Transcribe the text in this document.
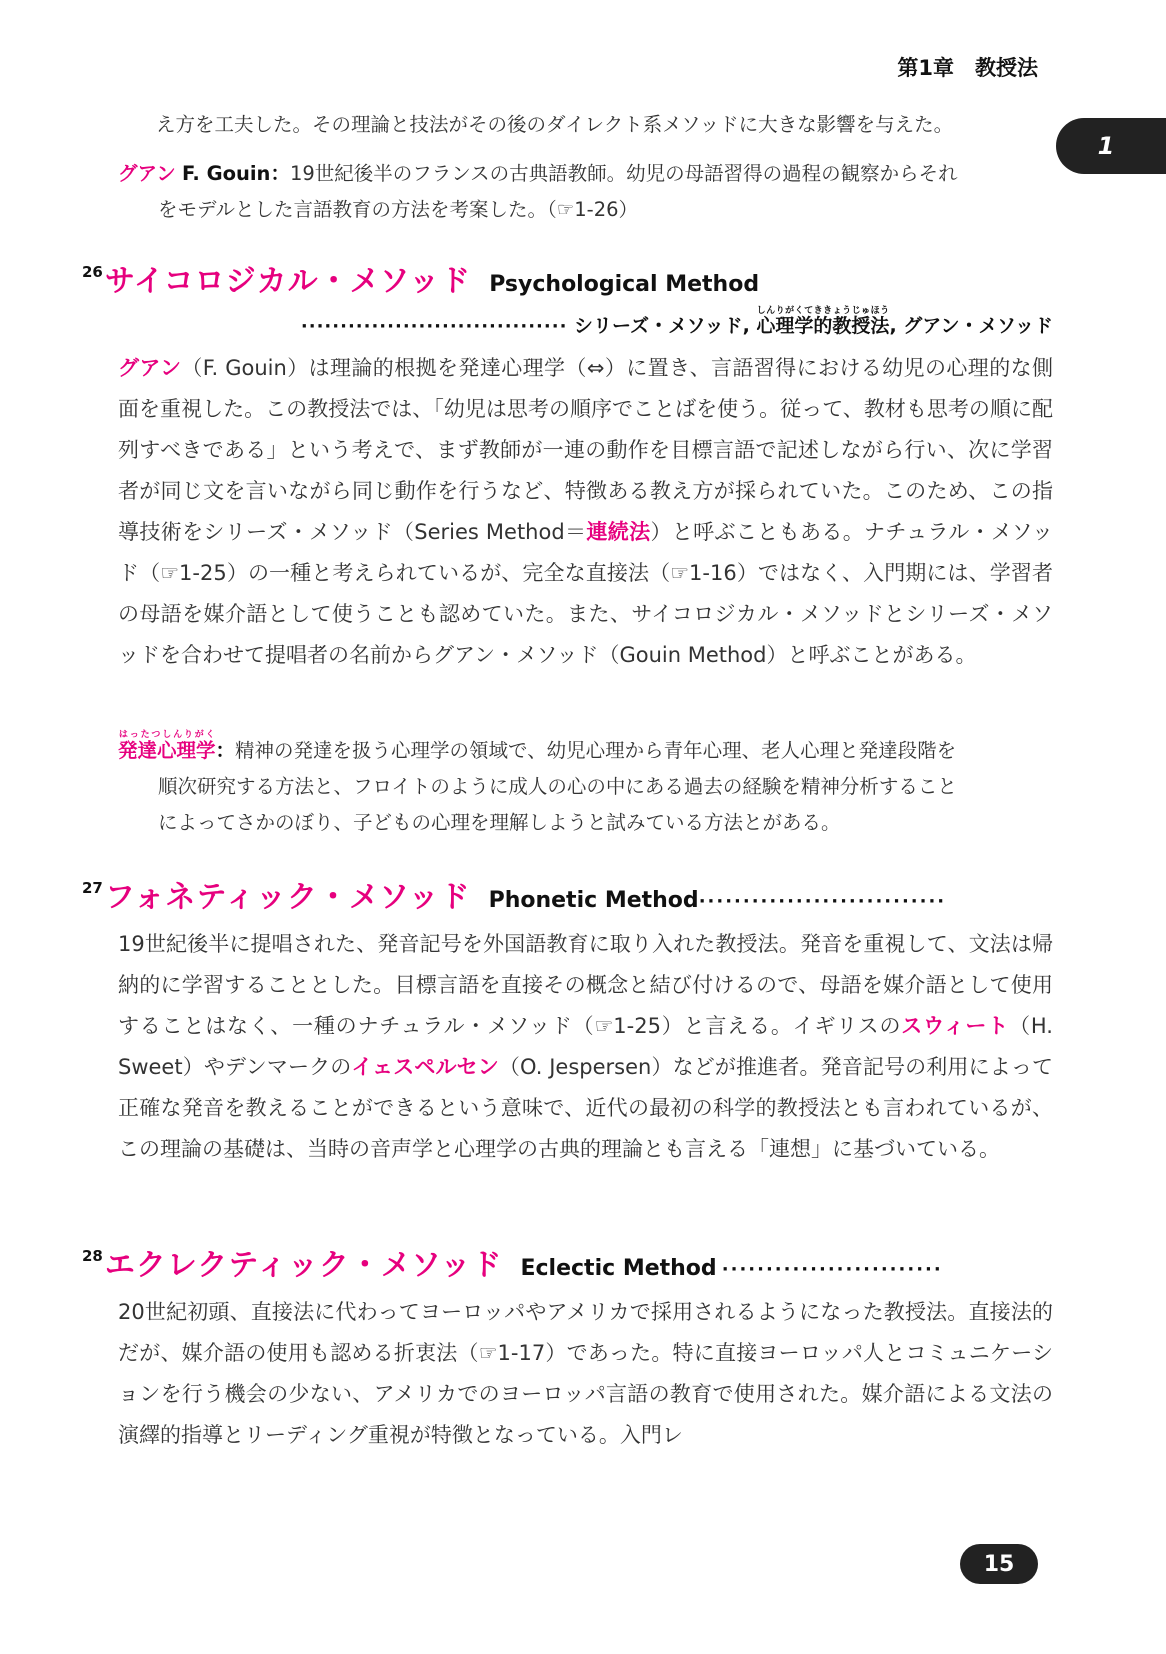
第1章　教授法
1
え方を工夫した。その理論と技法がその後のダイレクト系メソッドに大きな影響を与えた。
グアン F. Gouin：19世紀後半のフランスの古典語教師。幼児の母語習得の過程の観察からそれ
をモデルとした言語教育の方法を考案した。（☞1-26）
26サイコロジカル・メソッド Psychological Method
·································· シリーズ・メソッド, 心理学的教授法しんりがくてききょうじゅほう, グアン・メソッド
グアン（F. Gouin）は理論的根拠を発達心理学（⇔）に置き、言語習得における幼児の心理的な側面を重視した。この教授法では、「幼児は思考の順序でことばを使う。従って、教材も思考の順に配列すべきである」という考えで、まず教師が一連の動作を目標言語で記述しながら行い、次に学習者が同じ文を言いながら同じ動作を行うなど、特徴ある教え方が採られていた。このため、この指導技術をシリーズ・メソッド（Series Method＝連続法）と呼ぶこともある。ナチュラル・メソッド（☞1-25）の一種と考えられているが、完全な直接法（☞1-16）ではなく、入門期には、学習者の母語を媒介語として使うことも認めていた。また、サイコロジカル・メソッドとシリーズ・メソッドを合わせて提唱者の名前からグアン・メソッド（Gouin Method）と呼ぶことがある。
発達心理学はったつしんりがく：精神の発達を扱う心理学の領域で、幼児心理から青年心理、老人心理と発達段階を
順次研究する方法と、フロイトのように成人の心の中にある過去の経験を精神分析すること
によってさかのぼり、子どもの心理を理解しようと試みている方法とがある。
27フォネティック・メソッド Phonetic Method····························
19世紀後半に提唱された、発音記号を外国語教育に取り入れた教授法。発音を重視して、文法は帰納的に学習することとした。目標言語を直接その概念と結び付けるので、母語を媒介語として使用することはなく、一種のナチュラル・メソッド（☞1-25）と言える。イギリスのスウィート（H. Sweet）やデンマークのイェスペルセン（O. Jespersen）などが推進者。発音記号の利用によって正確な発音を教えることができるという意味で、近代の最初の科学的教授法とも言われているが、この理論の基礎は、当時の音声学と心理学の古典的理論とも言える「連想」に基づいている。
28エクレクティック・メソッド Eclectic Method ·························
20世紀初頭、直接法に代わってヨーロッパやアメリカで採用されるようになった教授法。直接法的だが、媒介語の使用も認める折衷法（☞1-17）であった。特に直接ヨーロッパ人とコミュニケーションを行う機会の少ない、アメリカでのヨーロッパ言語の教育で使用された。媒介語による文法の演繹的指導とリーディング重視が特徴となっている。入門レ
15
